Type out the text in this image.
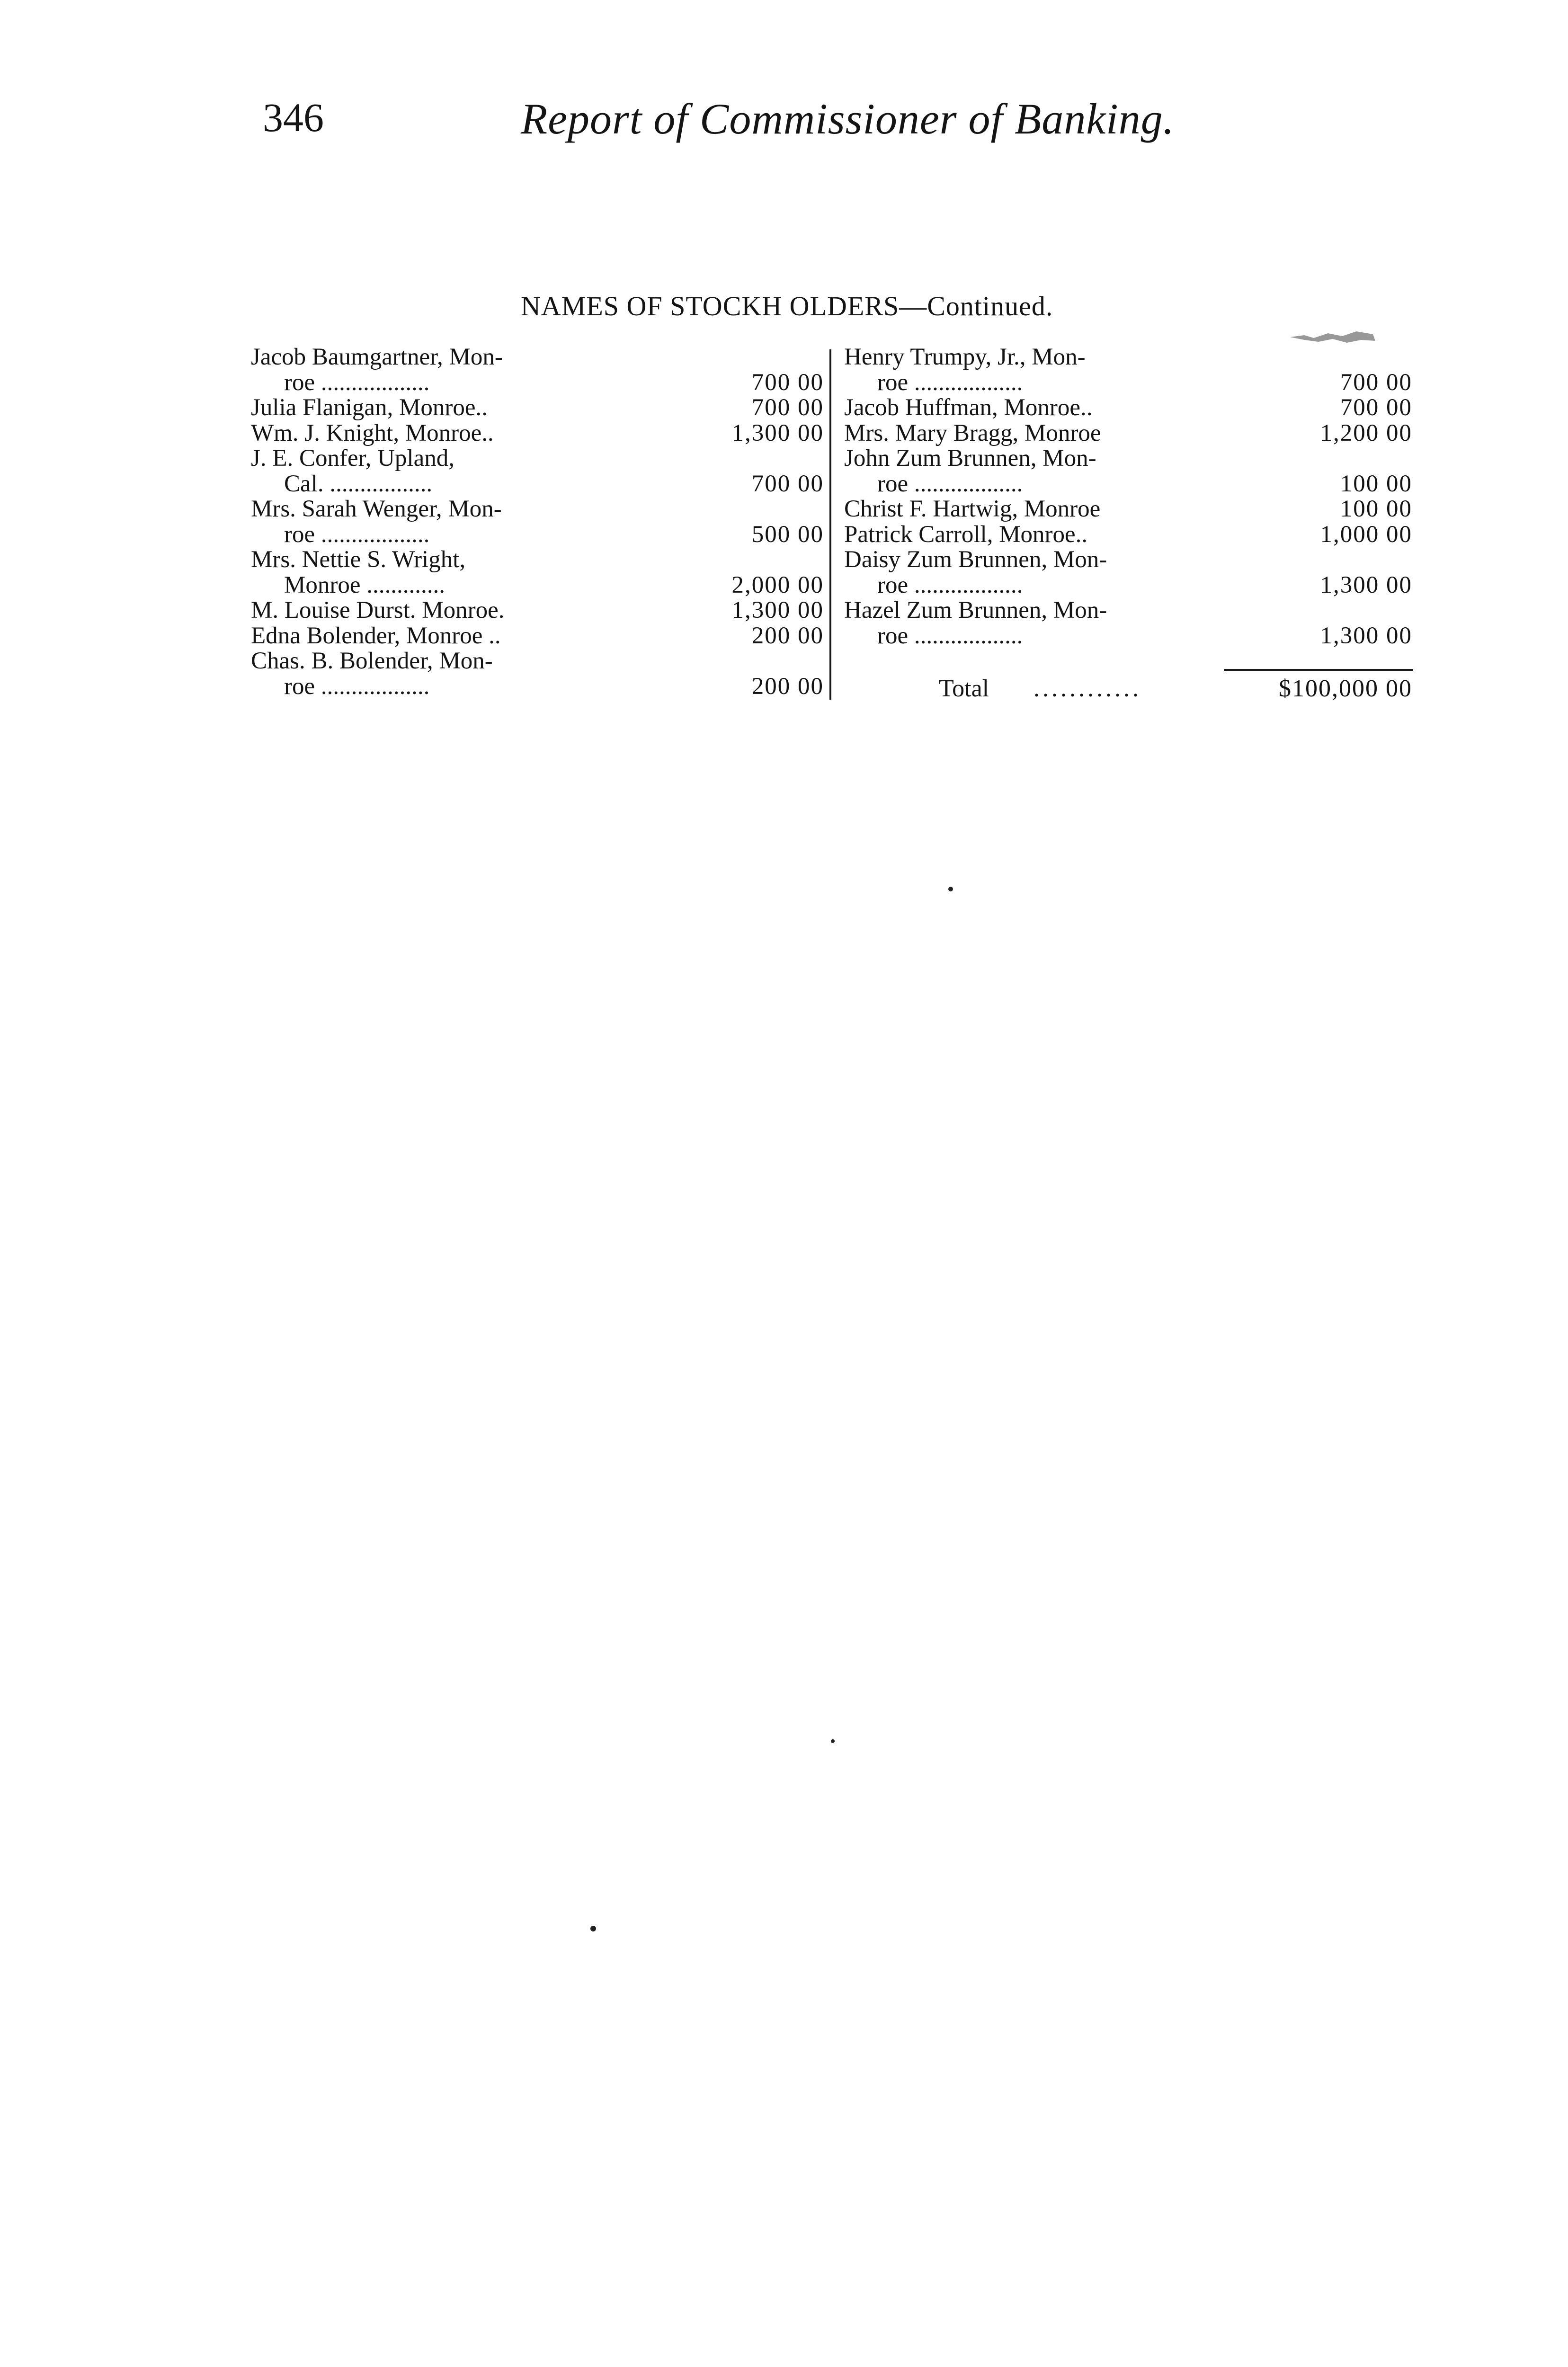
346	Report of Commissioner of Banking.
NAMES OF STOCKH OLDERS—Continued.
Jacob Baumgartner, Mon-
roe ..................	700 00
Julia Flanigan, Monroe..	700 00
Wm. J. Knight, Monroe..	1,300 00
J. E. Confer, Upland,
Cal. .................	700 00
Mrs. Sarah Wenger, Mon-
roe ..................	500 00
Mrs. Nettie S. Wright,
Monroe .............	2,000 00
M. Louise Durst. Monroe.	1,300 00
Edna Bolender, Monroe ..	200 00
Chas. B. Bolender, Mon-
roe ..................	200 00
Henry Trumpy, Jr., Mon-
roe ..................	700 00
Jacob Huffman, Monroe..	700 00
Mrs. Mary Bragg, Monroe	1,200 00
John Zum Brunnen, Mon-
roe ..................	100 00
Christ F. Hartwig, Monroe	100 00
Patrick Carroll, Monroe..	1,000 00
Daisy Zum Brunnen, Mon-
roe ..................	1,300 00
Hazel Zum Brunnen, Mon-
roe ..................	1,300 00
Total ............	$100,000 00
